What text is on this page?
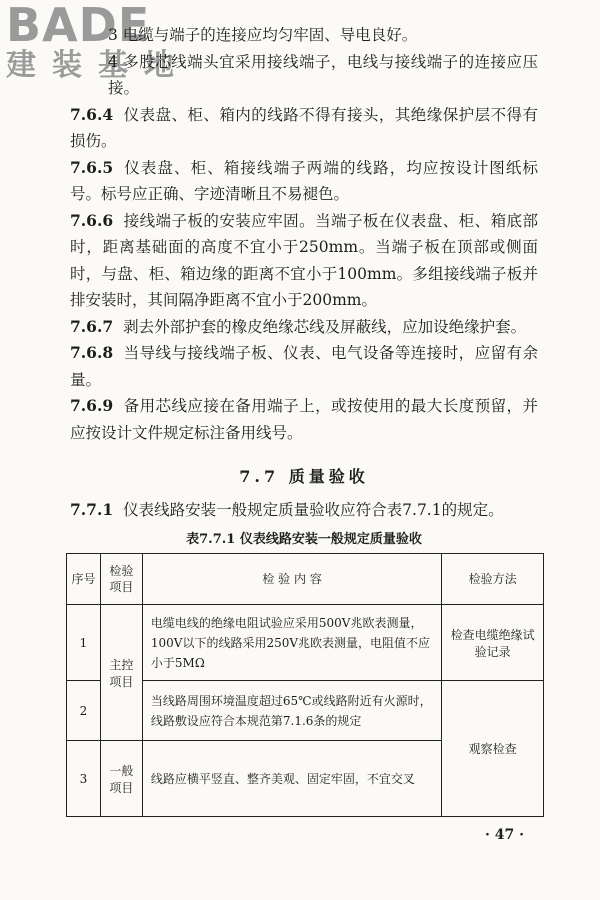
BADE
建装基地

3 电缆与端子的连接应均匀牢固、导电良好。

4 多股芯线端头宜采用接线端子，电线与接线端子的连接应压接。

7.6.4 仪表盘、柜、箱内的线路不得有接头，其绝缘保护层不得有损伤。

7.6.5 仪表盘、柜、箱接线端子两端的线路，均应按设计图纸标号。标号应正确、字迹清晰且不易褪色。

7.6.6 接线端子板的安装应牢固。当端子板在仪表盘、柜、箱底部时，距离基础面的高度不宜小于250mm。当端子板在顶部或侧面时，与盘、柜、箱边缘的距离不宜小于100mm。多组接线端子板并排安装时，其间隔净距离不宜小于200mm。

7.6.7 剥去外部护套的橡皮绝缘芯线及屏蔽线，应加设绝缘护套。

7.6.8 当导线与接线端子板、仪表、电气设备等连接时，应留有余量。

7.6.9 备用芯线应接在备用端子上，或按使用的最大长度预留，并应按设计文件规定标注备用线号。

7.7 质量验收

7.7.1 仪表线路安装一般规定质量验收应符合表7.7.1的规定。

表7.7.1 仪表线路安装一般规定质量验收
序号	检验项目	检 验 内 容	检验方法
1	主控项目	电缆电线的绝缘电阻试验应采用500V兆欧表测量，100V以下的线路采用250V兆欧表测量，电阻值不应小于5MΩ	检查电缆绝缘试验记录
2		当线路周围环境温度超过65℃或线路附近有火源时，线路敷设应符合本规范第7.1.6条的规定	观察检查
3	一般项目	线路应横平竖直、整齐美观、固定牢固，不宜交叉	
· 47 ·
